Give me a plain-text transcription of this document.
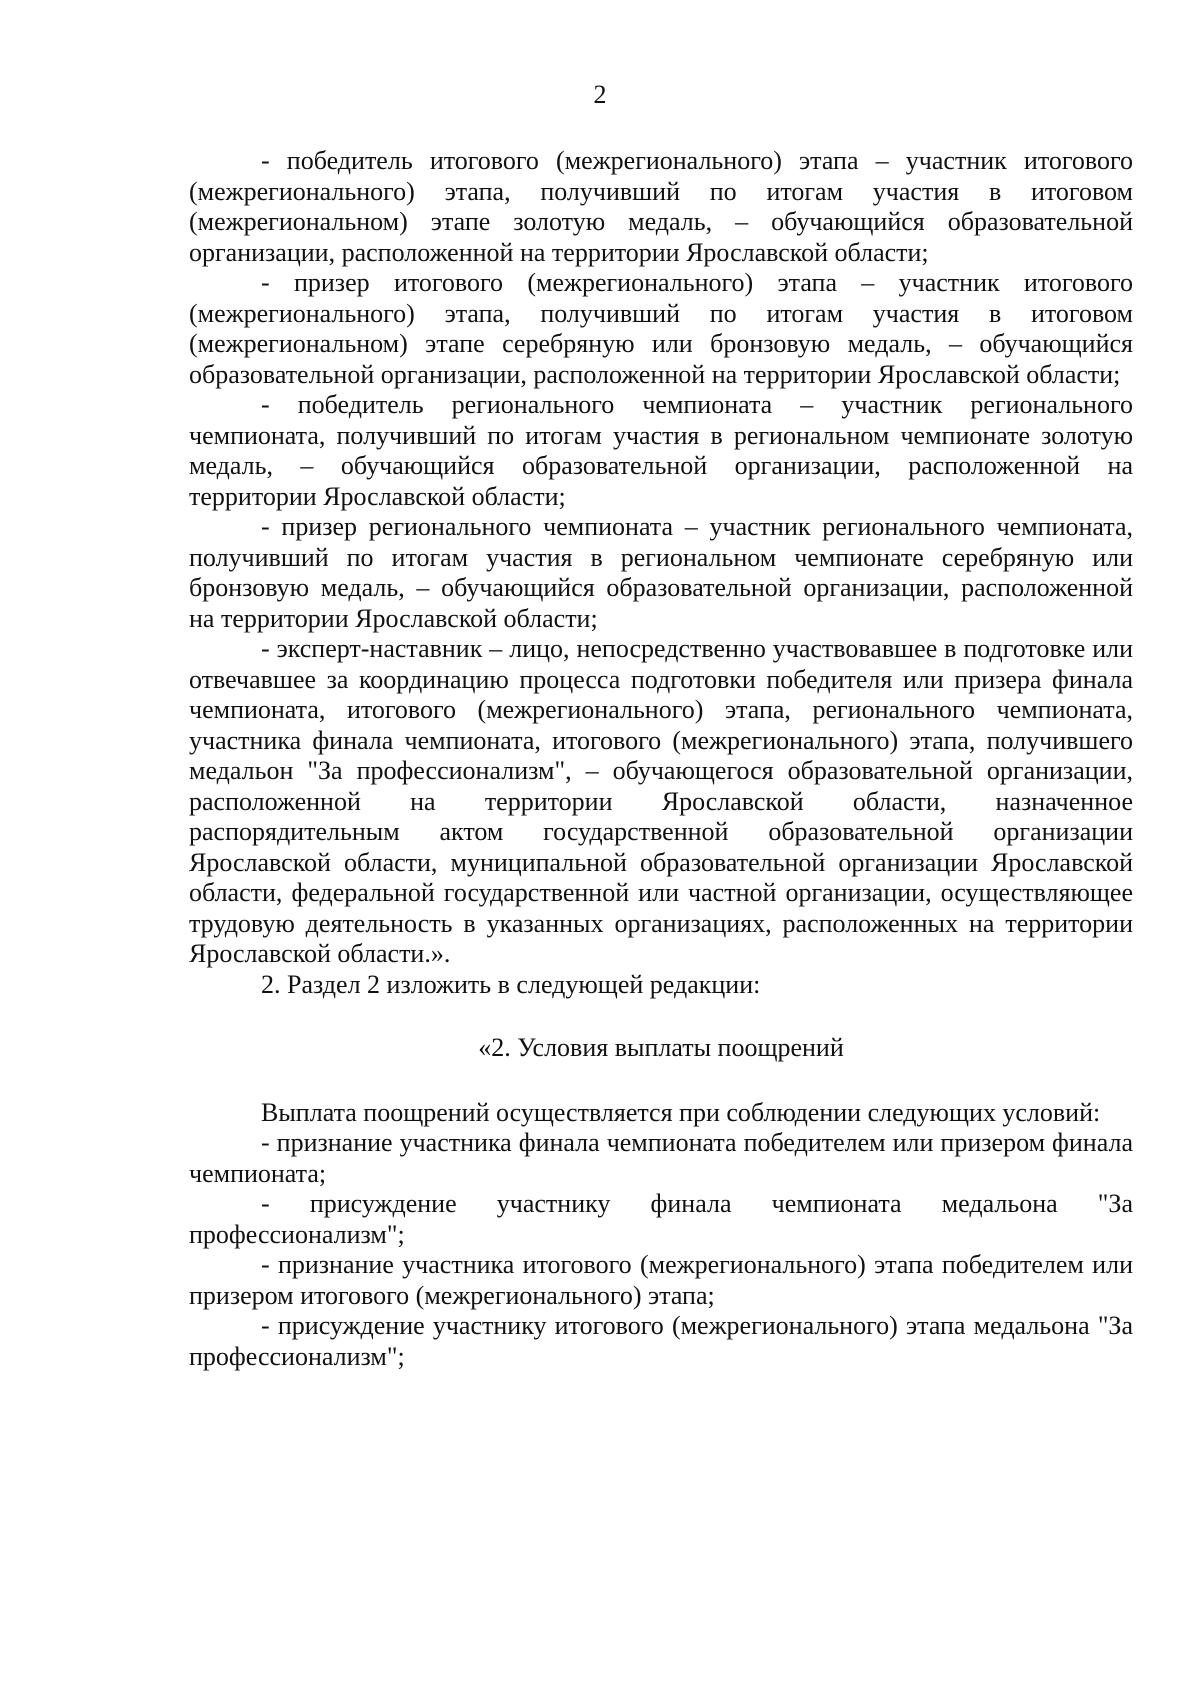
2

- победитель итогового (межрегионального) этапа – участник итогового (межрегионального) этапа, получивший по итогам участия в итоговом (межрегиональном) этапе золотую медаль, – обучающийся образовательной организации, расположенной на территории Ярославской области;

- призер итогового (межрегионального) этапа – участник итогового (межрегионального) этапа, получивший по итогам участия в итоговом (межрегиональном) этапе серебряную или бронзовую медаль, – обучающийся образовательной организации, расположенной на территории Ярославской области;

- победитель регионального чемпионата – участник регионального чемпионата, получивший по итогам участия в региональном чемпионате золотую медаль, – обучающийся образовательной организации, расположенной на территории Ярославской области;

- призер регионального чемпионата – участник регионального чемпионата, получивший по итогам участия в региональном чемпионате серебряную или бронзовую медаль, – обучающийся образовательной организации, расположенной на территории Ярославской области;

- эксперт-наставник – лицо, непосредственно участвовавшее в подготовке или отвечавшее за координацию процесса подготовки победителя или призера финала чемпионата, итогового (межрегионального) этапа, регионального чемпионата, участника финала чемпионата, итогового (межрегионального) этапа, получившего медальон "За профессионализм", – обучающегося образовательной организации, расположенной на территории Ярославской области, назначенное распорядительным актом государственной образовательной организации Ярославской области, муниципальной образовательной организации Ярославской области, федеральной государственной или частной организации, осуществляющее трудовую деятельность в указанных организациях, расположенных на территории Ярославской области.».

2. Раздел 2 изложить в следующей редакции:

«2. Условия выплаты поощрений

Выплата поощрений осуществляется при соблюдении следующих условий:

- признание участника финала чемпионата победителем или призером финала чемпионата;

- присуждение участнику финала чемпионата медальона "За профессионализм";

- признание участника итогового (межрегионального) этапа победителем или призером итогового (межрегионального) этапа;

- присуждение участнику итогового (межрегионального) этапа медальона "За профессионализм";
